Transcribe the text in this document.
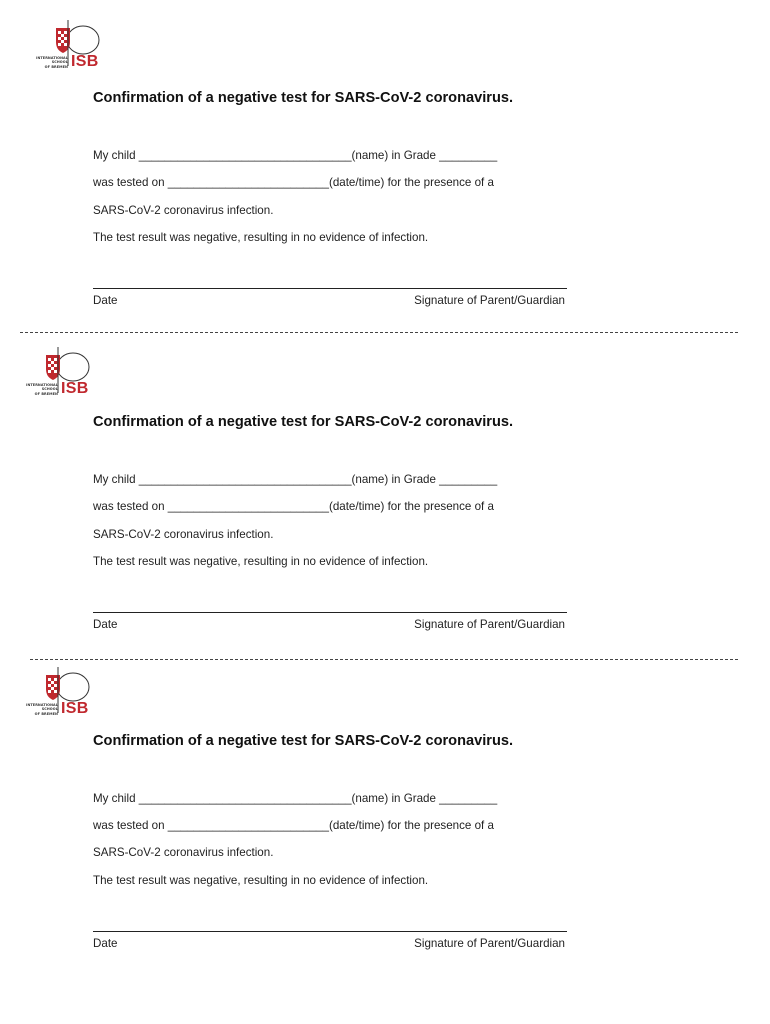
INTERNATIONAL
SCHOOL
OF BREMEN ISB
Confirmation of a negative test for SARS-CoV-2 coronavirus.
My child _________________________________(name) in Grade _________
was tested on _________________________(date/time) for the presence of a
SARS-CoV-2 coronavirus infection.
The test result was negative, resulting in no evidence of infection.
Date	Signature of Parent/Guardian
INTERNATIONAL
SCHOOL
OF BREMEN ISB
Confirmation of a negative test for SARS-CoV-2 coronavirus.
My child _________________________________(name) in Grade _________
was tested on _________________________(date/time) for the presence of a
SARS-CoV-2 coronavirus infection.
The test result was negative, resulting in no evidence of infection.
Date	Signature of Parent/Guardian
INTERNATIONAL
SCHOOL
OF BREMEN ISB
Confirmation of a negative test for SARS-CoV-2 coronavirus.
My child _________________________________(name) in Grade _________
was tested on _________________________(date/time) for the presence of a
SARS-CoV-2 coronavirus infection.
The test result was negative, resulting in no evidence of infection.
Date	Signature of Parent/Guardian
